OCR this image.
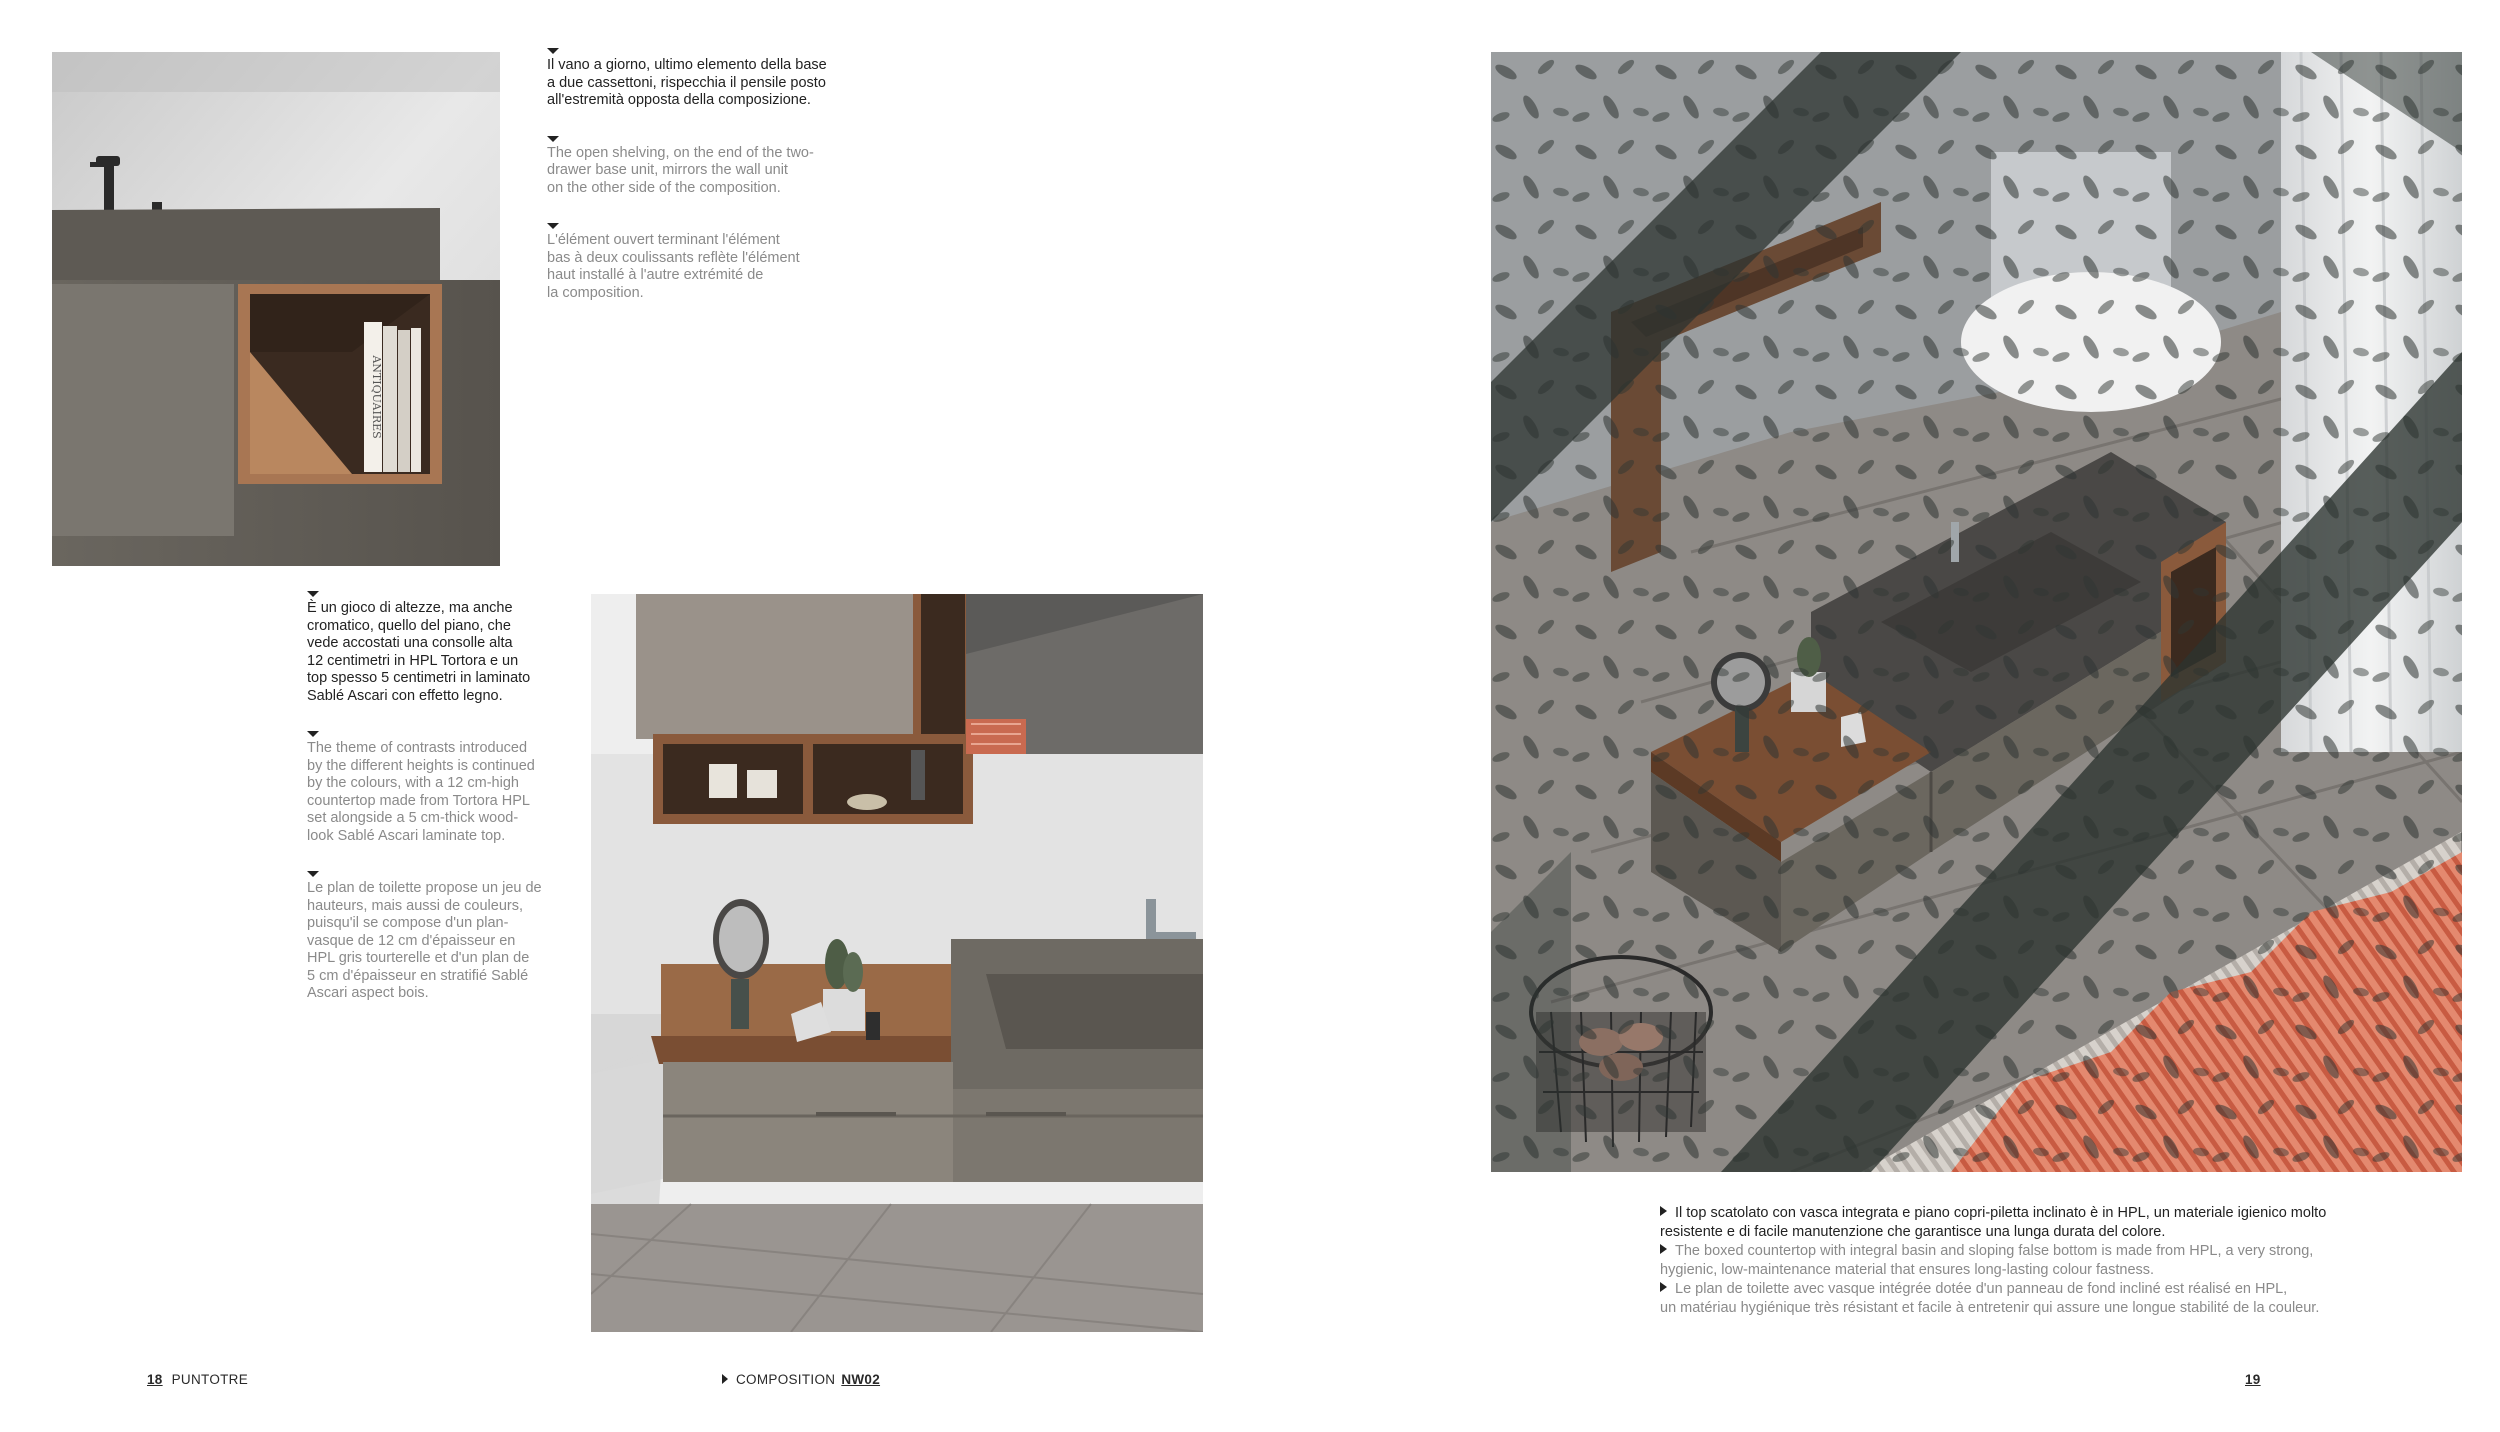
ANTIQUAIRES
Il vano a giorno, ultimo elemento della base
a due cassettoni, rispecchia il pensile posto
all'estremità opposta della composizione.
The open shelving, on the end of the two-
drawer base unit, mirrors the wall unit
on the other side of the composition.
L'élément ouvert terminant l'élément
bas à deux coulissants reflète l'élément
haut installé à l'autre extrémité de
la composition.
È un gioco di altezze, ma anche
cromatico, quello del piano, che
vede accostati una consolle alta
12 centimetri in HPL Tortora e un
top spesso 5 centimetri in laminato
Sablé Ascari con effetto legno.
The theme of contrasts introduced
by the different heights is continued
by the colours, with a 12 cm-high
countertop made from Tortora HPL
set alongside a 5 cm-thick wood-
look Sablé Ascari laminate top.
Le plan de toilette propose un jeu de
hauteurs, mais aussi de couleurs,
puisqu'il se compose d'un plan-
vasque de 12 cm d'épaisseur en
HPL gris tourterelle et d'un plan de
5 cm d'épaisseur en stratifié Sablé
Ascari aspect bois.
Il top scatolato con vasca integrata e piano copri-piletta inclinato è in HPL, un materiale igienico molto
resistente e di facile manutenzione che garantisce una lunga durata del colore.
The boxed countertop with integral basin and sloping false bottom is made from HPL, a very strong,
hygienic, low-maintenance material that ensures long-lasting colour fastness.
Le plan de toilette avec vasque intégrée dotée d'un panneau de fond incliné est réalisé en HPL,
un matériau hygiénique très résistant et facile à entretenir qui assure une longue stabilité de la couleur.
18 PUNTOTRE	COMPOSITION NW02	19
